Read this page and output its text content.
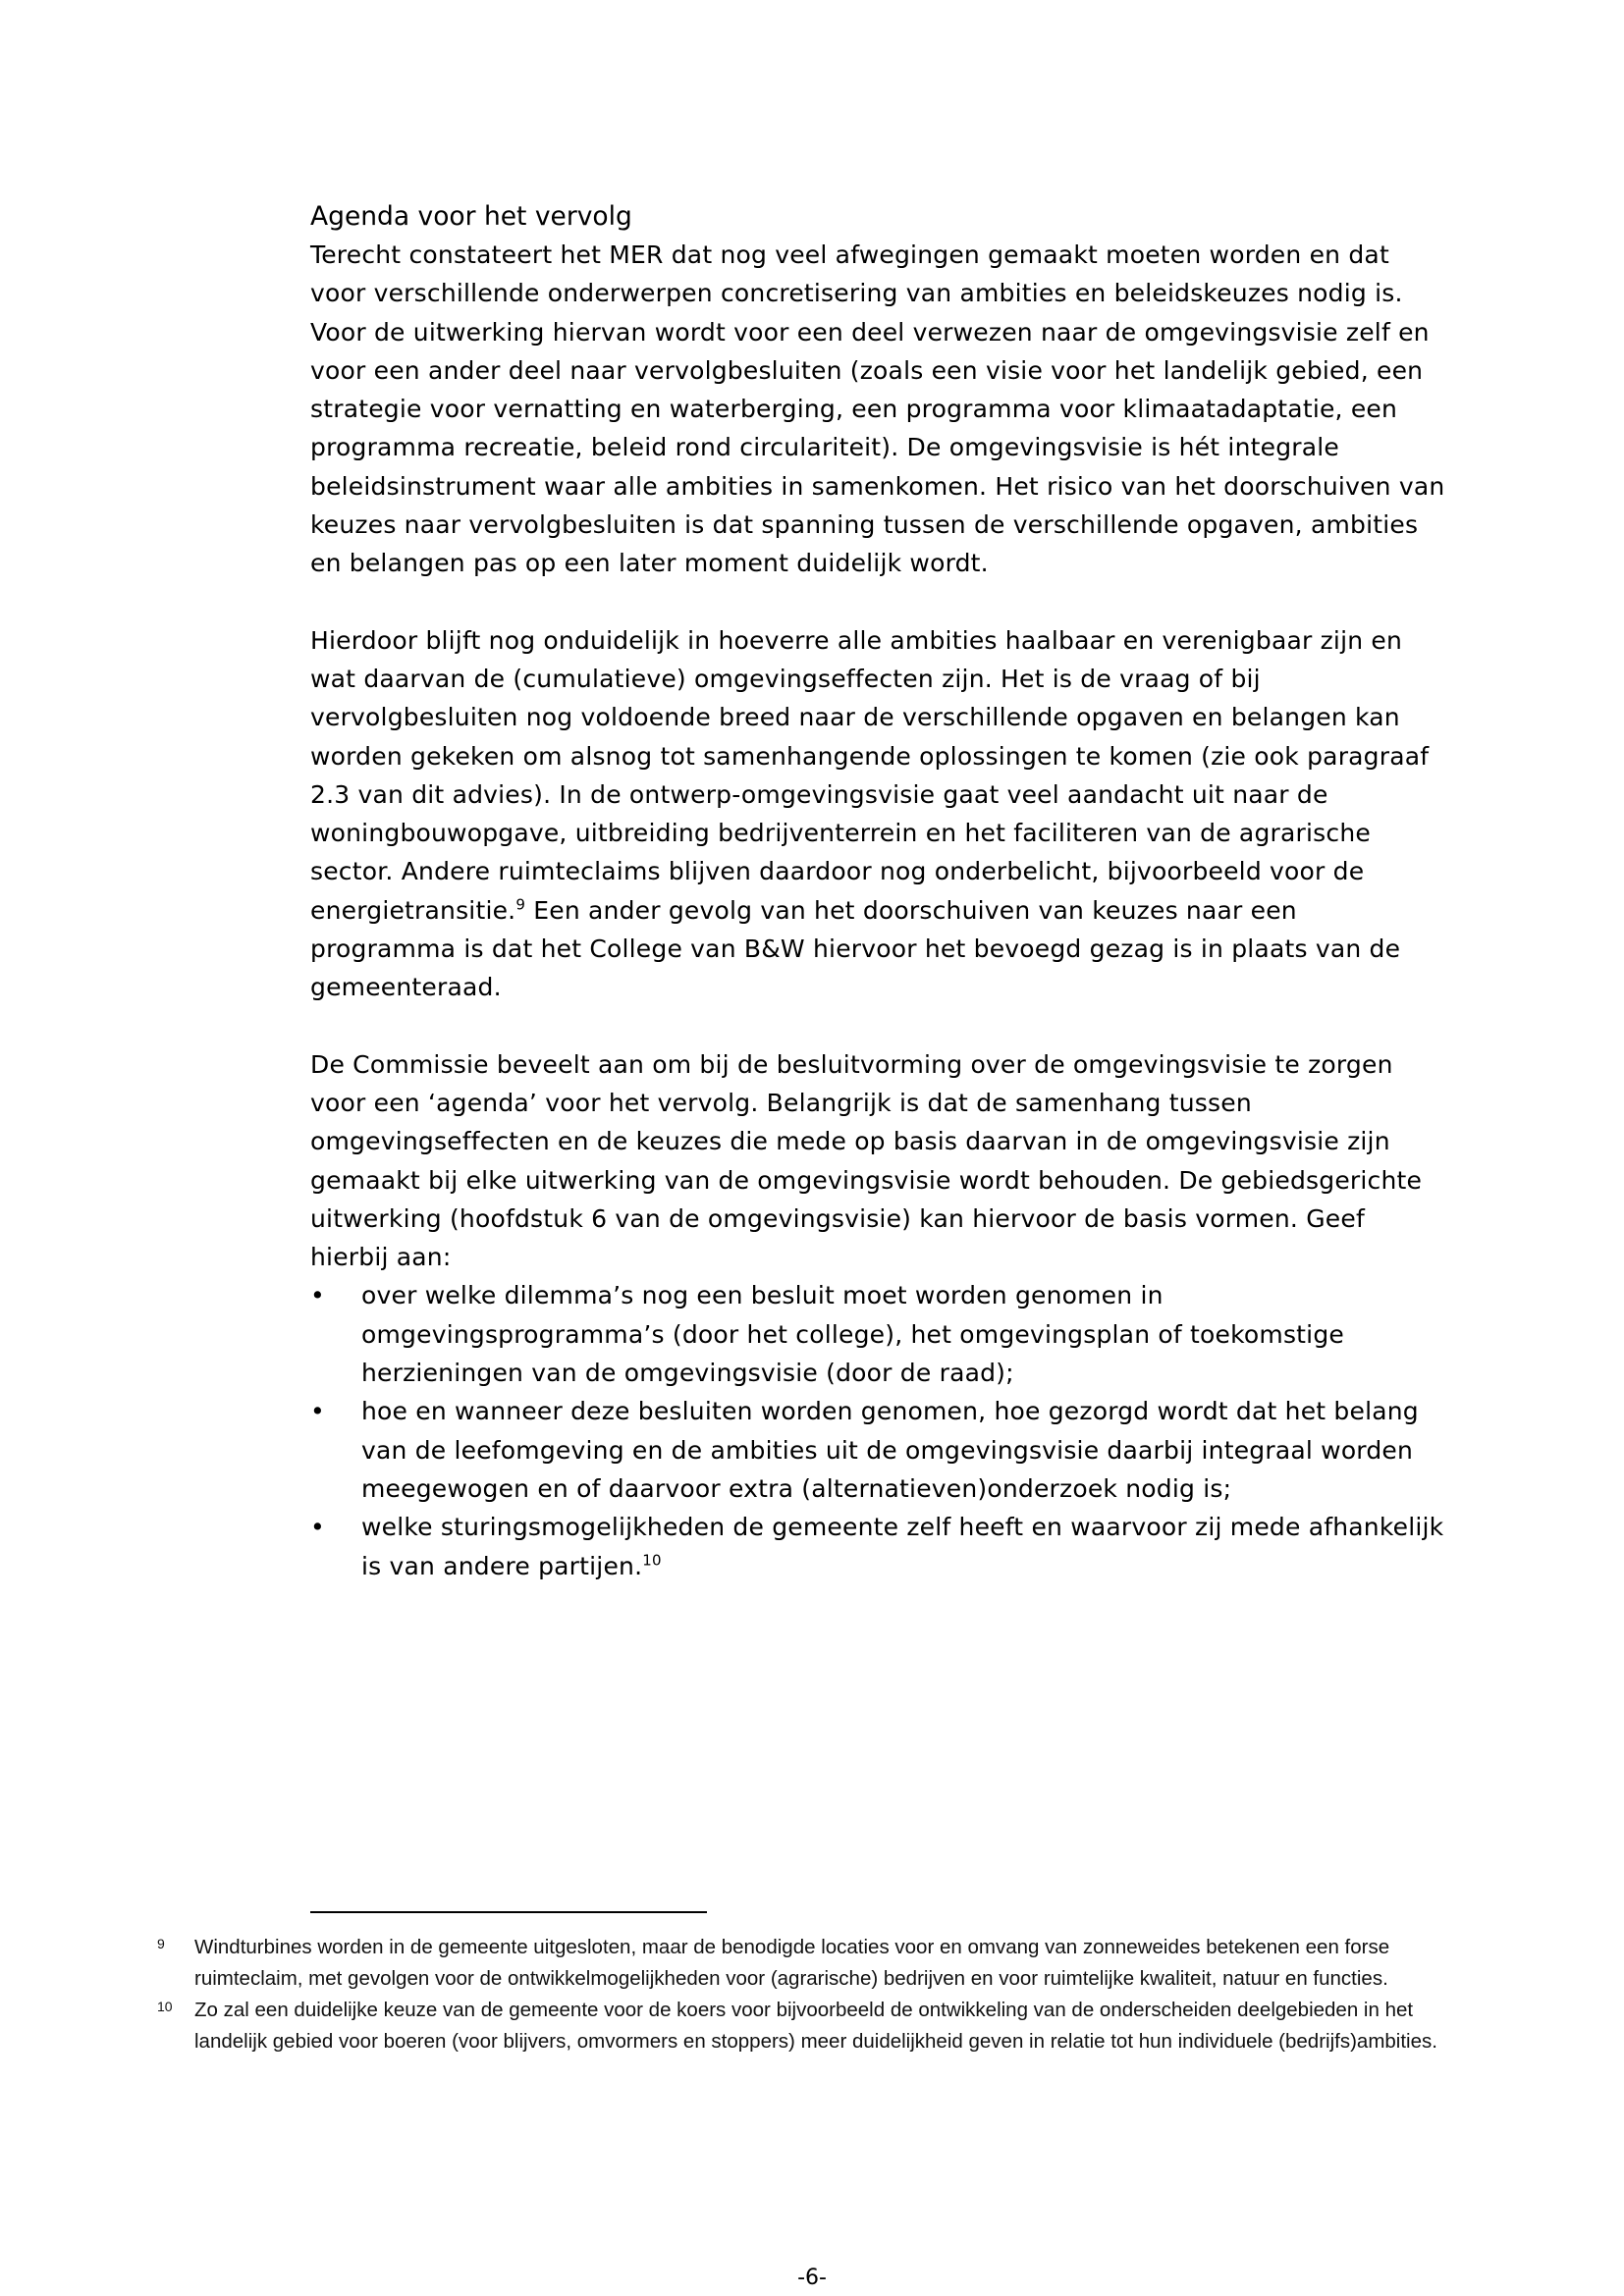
Agenda voor het vervolg

Terecht constateert het MER dat nog veel afwegingen gemaakt moeten worden en dat voor verschillende onderwerpen concretisering van ambities en beleidskeuzes nodig is. Voor de uitwerking hiervan wordt voor een deel verwezen naar de omgevingsvisie zelf en voor een ander deel naar vervolgbesluiten (zoals een visie voor het landelijk gebied, een strategie voor vernatting en waterberging, een programma voor klimaatadaptatie, een programma recreatie, beleid rond circulariteit). De omgevingsvisie is hét integrale beleidsinstrument waar alle ambities in samenkomen. Het risico van het doorschuiven van keuzes naar vervolgbesluiten is dat spanning tussen de verschillende opgaven, ambities en belangen pas op een later moment duidelijk wordt.

Hierdoor blijft nog onduidelijk in hoeverre alle ambities haalbaar en verenigbaar zijn en wat daarvan de (cumulatieve) omgevingseffecten zijn. Het is de vraag of bij vervolgbesluiten nog voldoende breed naar de verschillende opgaven en belangen kan worden gekeken om alsnog tot samenhangende oplossingen te komen (zie ook paragraaf 2.3 van dit advies). In de ontwerp-omgevingsvisie gaat veel aandacht uit naar de woningbouwopgave, uitbreiding bedrijventerrein en het faciliteren van de agrarische sector. Andere ruimteclaims blijven daardoor nog onderbelicht, bijvoorbeeld voor de energietransitie.$^9$ Een ander gevolg van het doorschuiven van keuzes naar een programma is dat het College van B&W hiervoor het bevoegd gezag is in plaats van de gemeenteraad.

De Commissie beveelt aan om bij de besluitvorming over de omgevingsvisie te zorgen voor een ‘agenda’ voor het vervolg. Belangrijk is dat de samenhang tussen omgevingseffecten en de keuzes die mede op basis daarvan in de omgevingsvisie zijn gemaakt bij elke uitwerking van de omgevingsvisie wordt behouden. De gebiedsgerichte uitwerking (hoofdstuk 6 van de omgevingsvisie) kan hiervoor de basis vormen. Geef hierbij aan:

• over welke dilemma’s nog een besluit moet worden genomen in omgevingsprogramma’s (door het college), het omgevingsplan of toekomstige herzieningen van de omgevingsvisie (door de raad);
• hoe en wanneer deze besluiten worden genomen, hoe gezorgd wordt dat het belang van de leefomgeving en de ambities uit de omgevingsvisie daarbij integraal worden meegewogen en of daarvoor extra (alternatieven)onderzoek nodig is;
• welke sturingsmogelijkheden de gemeente zelf heeft en waarvoor zij mede afhankelijk is van andere partijen.$^{10}$

9 Windturbines worden in de gemeente uitgesloten, maar de benodigde locaties voor en omvang van zonneweides betekenen een forse ruimteclaim, met gevolgen voor de ontwikkelmogelijkheden voor (agrarische) bedrijven en voor ruimtelijke kwaliteit, natuur en functies.

10 Zo zal een duidelijke keuze van de gemeente voor de koers voor bijvoorbeeld de ontwikkeling van de onderscheiden deelgebieden in het landelijk gebied voor boeren (voor blijvers, omvormers en stoppers) meer duidelijkheid geven in relatie tot hun individuele (bedrijfs)ambities.

-6-
